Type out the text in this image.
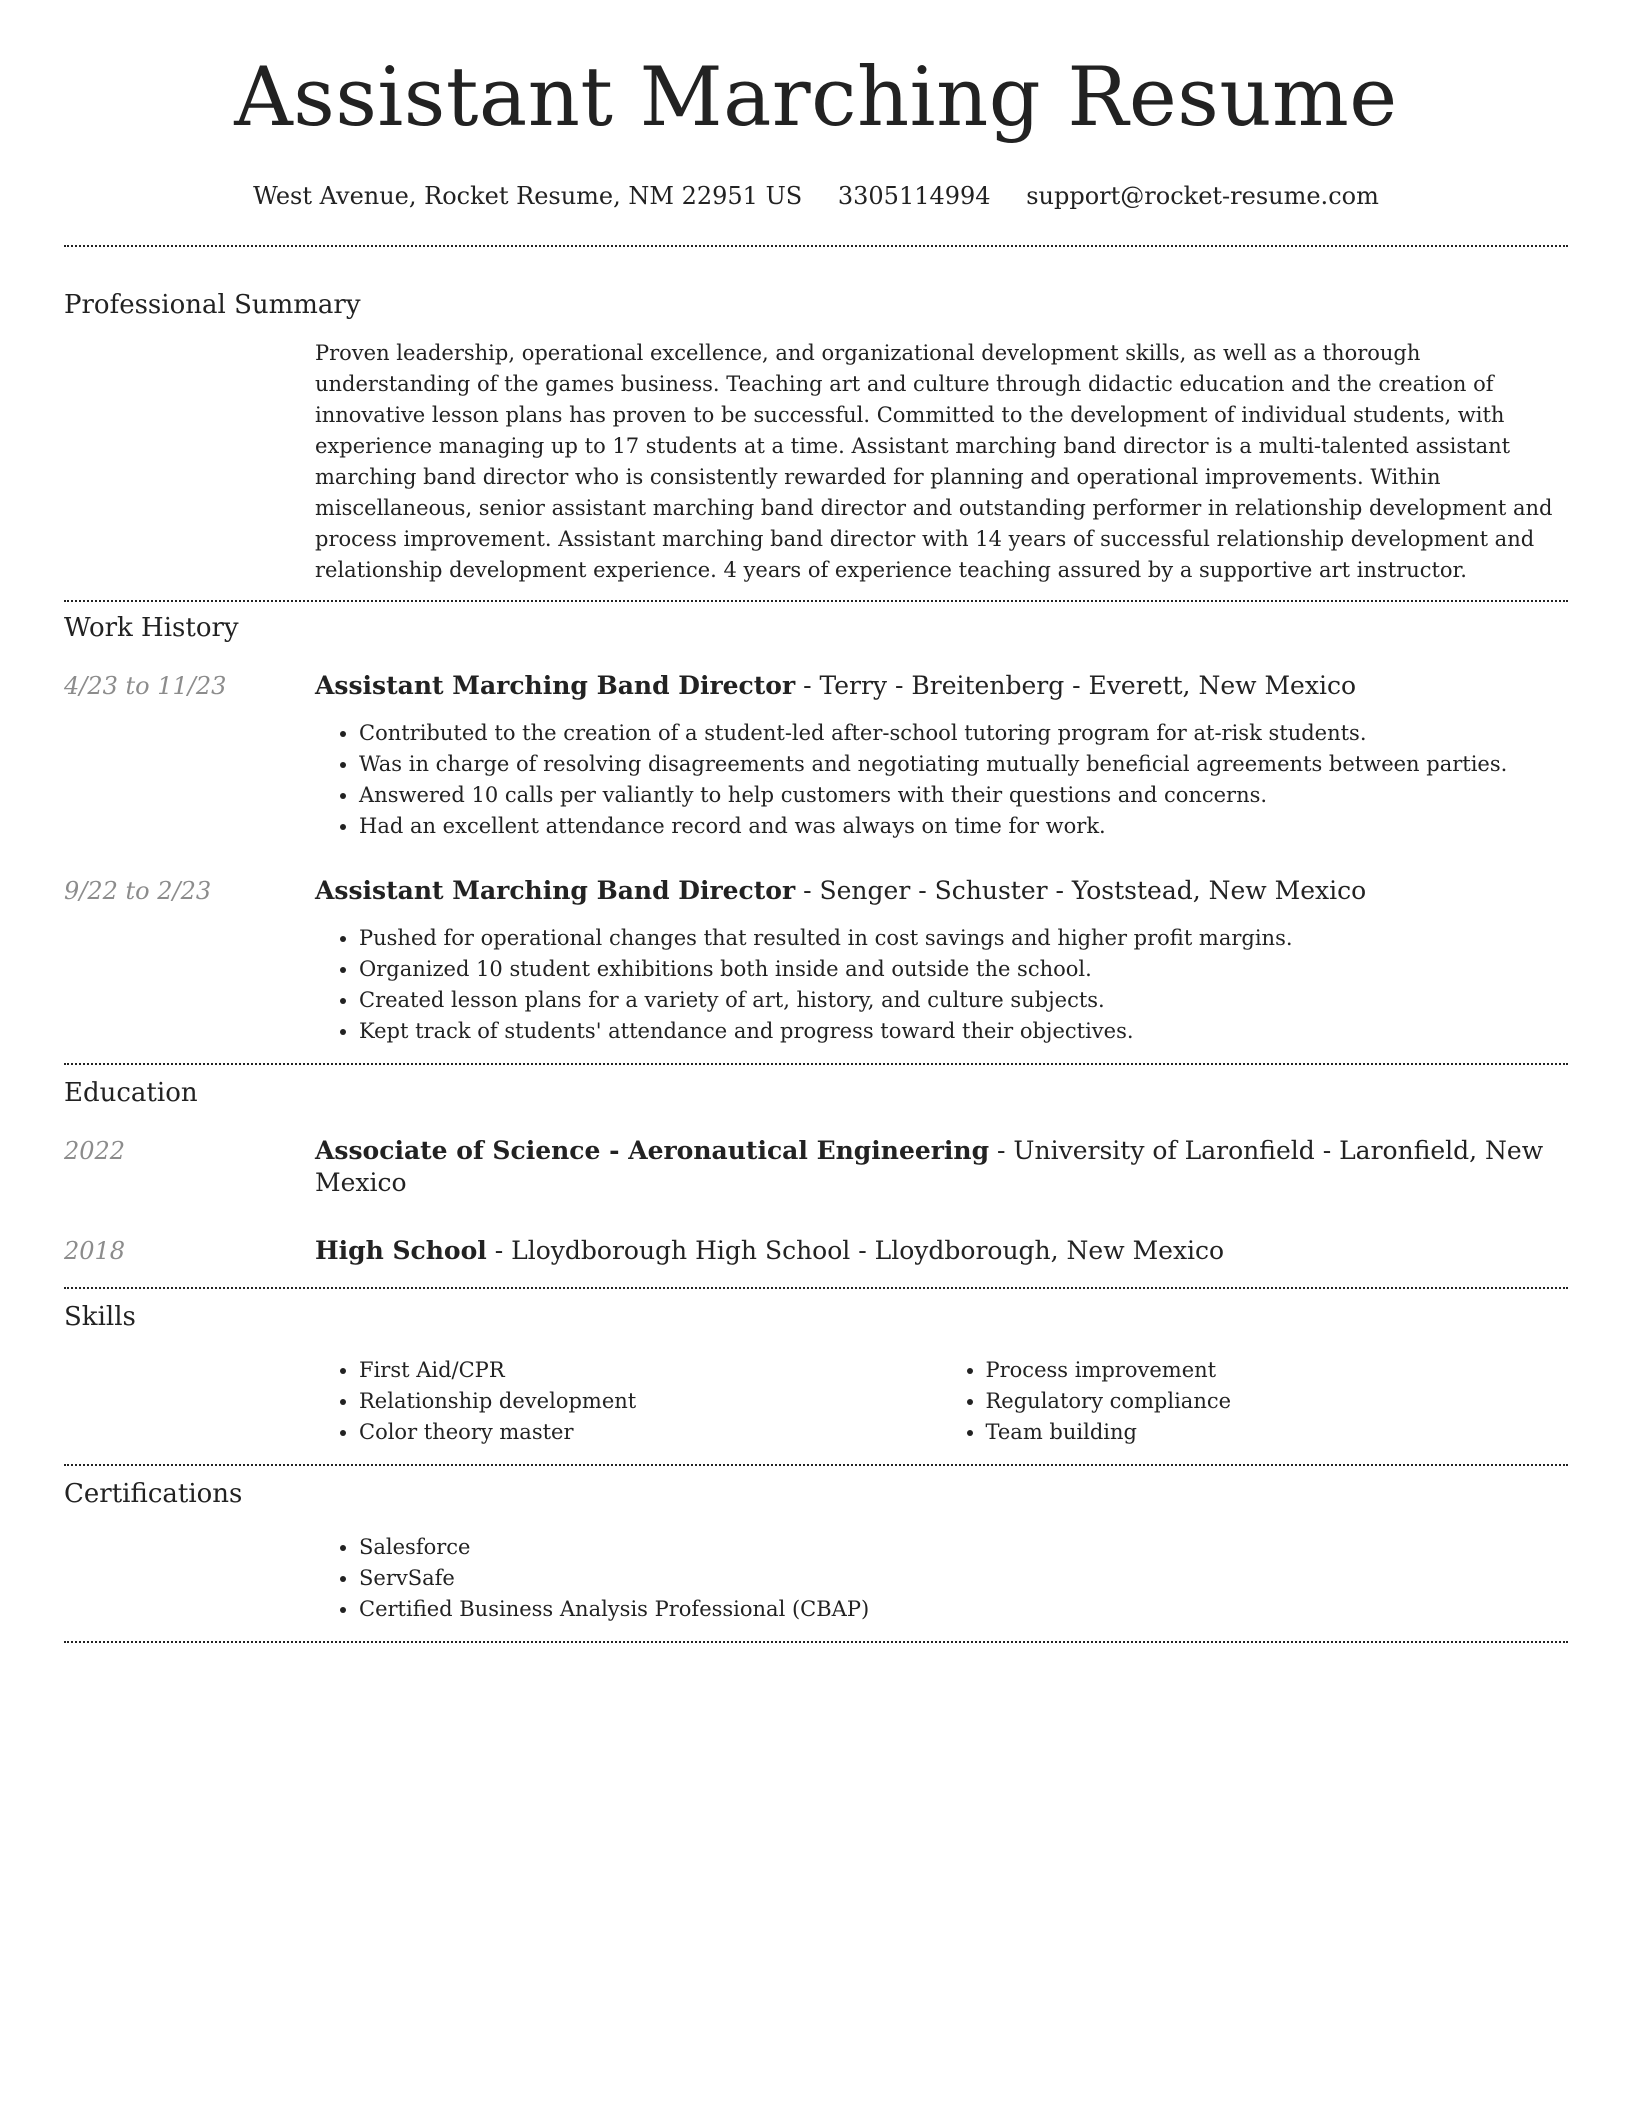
Assistant Marching Resume
West Avenue, Rocket Resume, NM 22951 US 3305114994 support@rocket-resume.com
Professional Summary

Proven leadership, operational excellence, and organizational development skills, as well as a thorough understanding of the games business. Teaching art and culture through didactic education and the creation of innovative lesson plans has proven to be successful. Committed to the development of individual students, with experience managing up to 17 students at a time. Assistant marching band director is a multi-talented assistant marching band director who is consistently rewarded for planning and operational improvements. Within miscellaneous, senior assistant marching band director and outstanding performer in relationship development and process improvement. Assistant marching band director with 14 years of successful relationship development and relationship development experience. 4 years of experience teaching assured by a supportive art instructor.

Work History
4/23 to 11/23	Assistant Marching Band Director - Terry - Breitenberg - Everett, New Mexico

• Contributed to the creation of a student-led after-school tutoring program for at-risk students.
• Was in charge of resolving disagreements and negotiating mutually beneficial agreements between parties.
• Answered 10 calls per valiantly to help customers with their questions and concerns.
• Had an excellent attendance record and was always on time for work.
9/22 to 2/23	Assistant Marching Band Director - Senger - Schuster - Yoststead, New Mexico

• Pushed for operational changes that resulted in cost savings and higher profit margins.
• Organized 10 student exhibitions both inside and outside the school.
• Created lesson plans for a variety of art, history, and culture subjects.
• Kept track of students' attendance and progress toward their objectives.
Education
2022	Associate of Science - Aeronautical Engineering - University of Laronfield - Laronfield, New Mexico

2018	High School - Lloydborough High School - Lloydborough, New Mexico

Skills
• First Aid/CPR
• Relationship development
• Color theory master
• Process improvement
• Regulatory compliance
• Team building
Certifications
• Salesforce
• ServSafe
• Certified Business Analysis Professional (CBAP)
